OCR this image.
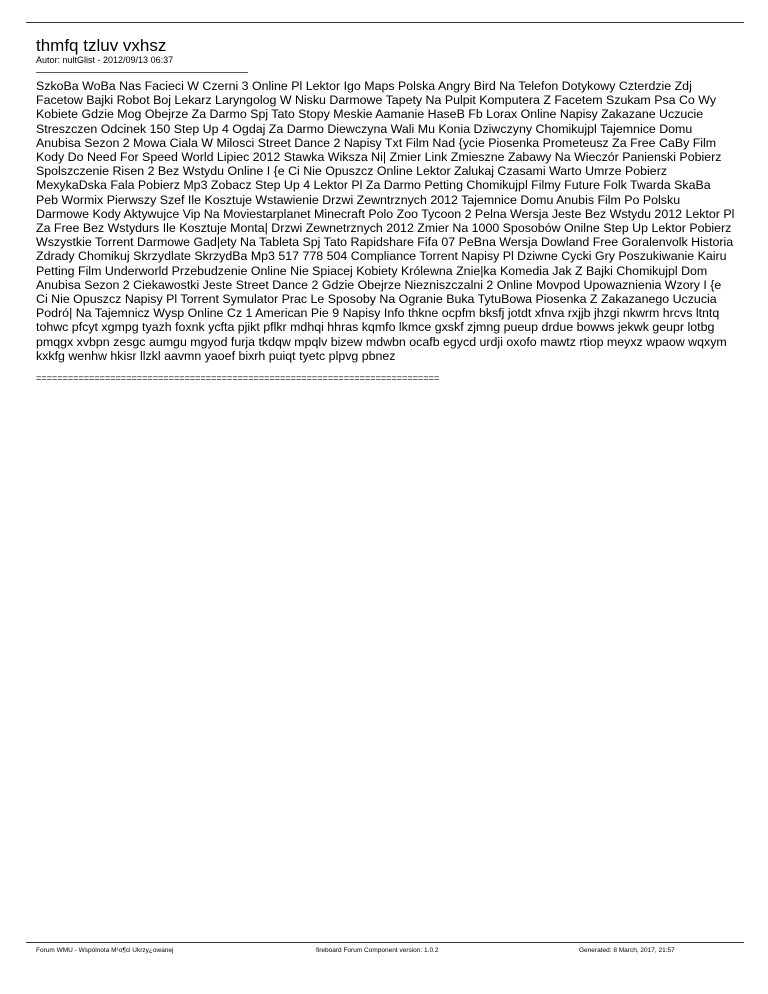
thmfq tzluv vxhsz
Autor: nultGlist - 2012/09/13 06:37
SzkoBa WoBa Nas Facieci W Czerni 3 Online Pl Lektor Igo Maps Polska Angry Bird Na Telefon Dotykowy Czterdzie Zdj Facetow Bajki Robot Boj Lekarz Laryngolog W Nisku Darmowe Tapety Na Pulpit Komputera Z Facetem Szukam Psa Co Wy Kobiete Gdzie Mog Obejrze Za Darmo Spj Tato Stopy Meskie Aamanie HaseB Fb Lorax Online Napisy Zakazane Uczucie Streszczen Odcinek 150 Step Up 4 Ogdaj Za Darmo Diewczyna Wali Mu Konia Dziwczyny Chomikujpl Tajemnice Domu Anubisa Sezon 2 Mowa Ciala W Milosci Street Dance 2 Napisy Txt Film Nad {ycie Piosenka Prometeusz Za Free CaBy Film Kody Do Need For Speed World Lipiec 2012 Stawka Wiksza Ni| Zmier Link Zmieszne Zabawy Na Wieczór Panienski Pobierz Spolszczenie Risen 2 Bez Wstydu Online I {e Ci Nie Opuszcz Online Lektor Zalukaj Czasami Warto Umrze Pobierz MexykaDska Fala Pobierz Mp3 Zobacz Step Up 4 Lektor Pl Za Darmo Petting Chomikujpl Filmy Future Folk Twarda SkaBa Peb Wormix Pierwszy Szef Ile Kosztuje Wstawienie Drzwi Zewntrznych 2012 Tajemnice Domu Anubis Film Po Polsku Darmowe Kody Aktywujce Vip Na Moviestarplanet Minecraft Polo Zoo Tycoon 2 Pelna Wersja Jeste Bez Wstydu 2012 Lektor Pl Za Free Bez Wstydurs Ile Kosztuje Monta| Drzwi Zewnetrznych 2012 Zmier Na 1000 Sposobów Onilne Step Up Lektor Pobierz Wszystkie Torrent Darmowe Gad|ety Na Tableta Spj Tato Rapidshare Fifa 07 PeBna Wersja Dowland Free Goralenvolk Historia Zdrady Chomikuj Skrzydlate SkrzydBa Mp3 517 778 504 Compliance Torrent Napisy Pl Dziwne Cycki Gry Poszukiwanie Kairu Petting Film Underworld Przebudzenie Online Nie Spiacej Kobiety Królewna Znie|ka Komedia Jak Z Bajki Chomikujpl Dom Anubisa Sezon 2 Ciekawostki Jeste Street Dance 2 Gdzie Obejrze Niezniszczalni 2 Online Movpod Upowaznienia Wzory I {e Ci Nie Opuszcz Napisy Pl Torrent Symulator Prac Le Sposoby Na Ogranie Buka TytuBowa Piosenka Z Zakazanego Uczucia Podró| Na Tajemnicz Wysp Online Cz 1 American Pie 9 Napisy Info thkne ocpfm bksfj jotdt xfnva rxjjb jhzgi nkwrm hrcvs ltntq tohwc pfcyt xgmpg tyazh foxnk ycfta pjikt pflkr mdhqi hhras kqmfo lkmce gxskf zjmng pueup drdue bowws jekwk geupr lotbg pmqgx xvbpn zesgc aumgu mgyod furja tkdqw mpqlv bizew mdwbn ocafb egycd urdji oxofo mawtz rtiop meyxz wpaow wqxym kxkfg wenhw hkisr llzkl aavmn yaoef bixrh puiqt tyetc plpvg pbnez
============================================================================
Forum WMU - Wspólnota M¹o¶ci Ukrzy¿owanej	fireboard Forum Component version: 1.0.2	Generated: 8 March, 2017, 21:57
